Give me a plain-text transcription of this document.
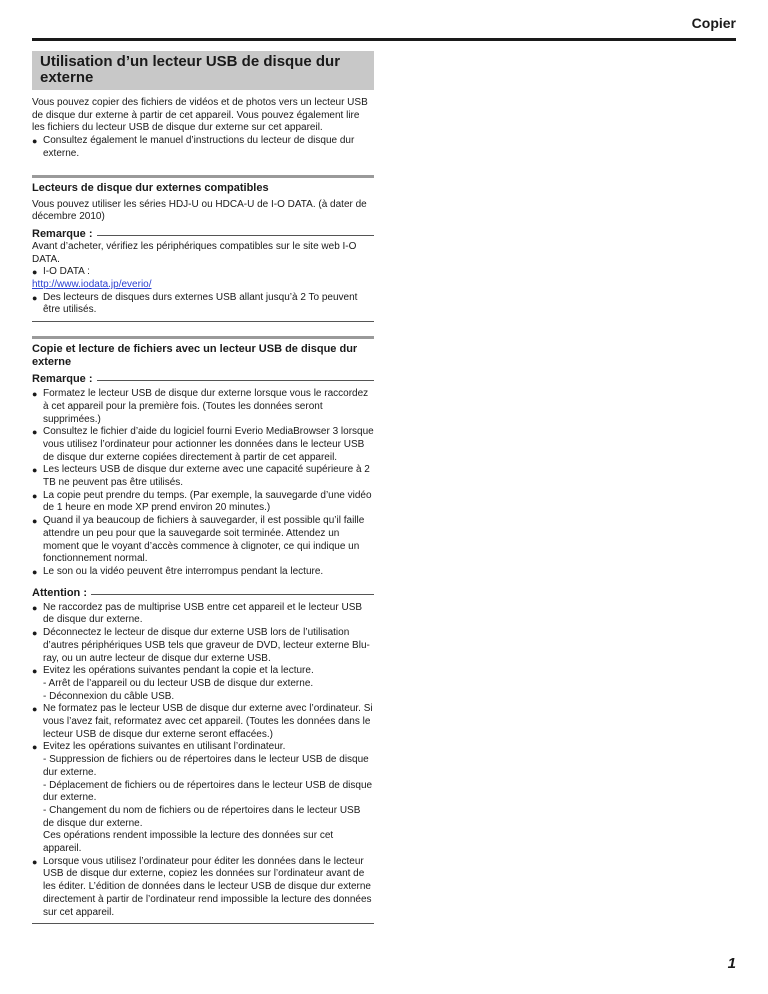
Copier
Utilisation d’un lecteur USB de disque dur externe

Vous pouvez copier des fichiers de vidéos et de photos vers un lecteur USB de disque dur externe à partir de cet appareil. Vous pouvez également lire les fichiers du lecteur USB de disque dur externe sur cet appareil.

● Consultez également le manuel d’instructions du lecteur de disque dur externe.
Lecteurs de disque dur externes compatibles

Vous pouvez utiliser les séries HDJ-U ou HDCA-U de I-O DATA. (à dater de décembre 2010)

Remarque :

Avant d’acheter, vérifiez les périphériques compatibles sur le site web I-O DATA.

● I-O DATA :

http://www.iodata.jp/everio/

● Des lecteurs de disques durs externes USB allant jusqu’à 2 To peuvent être utilisés.
Copie et lecture de fichiers avec un lecteur USB de disque dur externe
Remarque :
● Formatez le lecteur USB de disque dur externe lorsque vous le raccordez à cet appareil pour la première fois. (Toutes les données seront supprimées.)
● Consultez le fichier d’aide du logiciel fourni Everio MediaBrowser 3 lorsque vous utilisez l’ordinateur pour actionner les données dans le lecteur USB de disque dur externe copiées directement à partir de cet appareil.
● Les lecteurs USB de disque dur externe avec une capacité supérieure à 2 TB ne peuvent pas être utilisés.
● La copie peut prendre du temps. (Par exemple, la sauvegarde d’une vidéo de 1 heure en mode XP prend environ 20 minutes.)
● Quand il ya beaucoup de fichiers à sauvegarder, il est possible qu’il faille attendre un peu pour que la sauvegarde soit terminée. Attendez un moment que le voyant d’accès commence à clignoter, ce qui indique un fonctionnement normal.
● Le son ou la vidéo peuvent être interrompus pendant la lecture.
Attention :
● Ne raccordez pas de multiprise USB entre cet appareil et le lecteur USB de disque dur externe.
● Déconnectez le lecteur de disque dur externe USB lors de l’utilisation d’autres périphériques USB tels que graveur de DVD, lecteur externe Blu-ray, ou un autre lecteur de disque dur externe USB.
● Evitez les opérations suivantes pendant la copie et la lecture.
- Arrêt de l’appareil ou du lecteur USB de disque dur externe.
- Déconnexion du câble USB.
● Ne formatez pas le lecteur USB de disque dur externe avec l’ordinateur. Si vous l’avez fait, reformatez avec cet appareil. (Toutes les données dans le lecteur USB de disque dur externe seront effacées.)
● Evitez les opérations suivantes en utilisant l’ordinateur.
- Suppression de fichiers ou de répertoires dans le lecteur USB de disque dur externe.
- Déplacement de fichiers ou de répertoires dans le lecteur USB de disque dur externe.
- Changement du nom de fichiers ou de répertoires dans le lecteur USB de disque dur externe.
Ces opérations rendent impossible la lecture des données sur cet appareil.
● Lorsque vous utilisez l’ordinateur pour éditer les données dans le lecteur USB de disque dur externe, copiez les données sur l’ordinateur avant de les éditer. L’édition de données dans le lecteur USB de disque dur externe directement à partir de l’ordinateur rend impossible la lecture des données sur cet appareil.
1
